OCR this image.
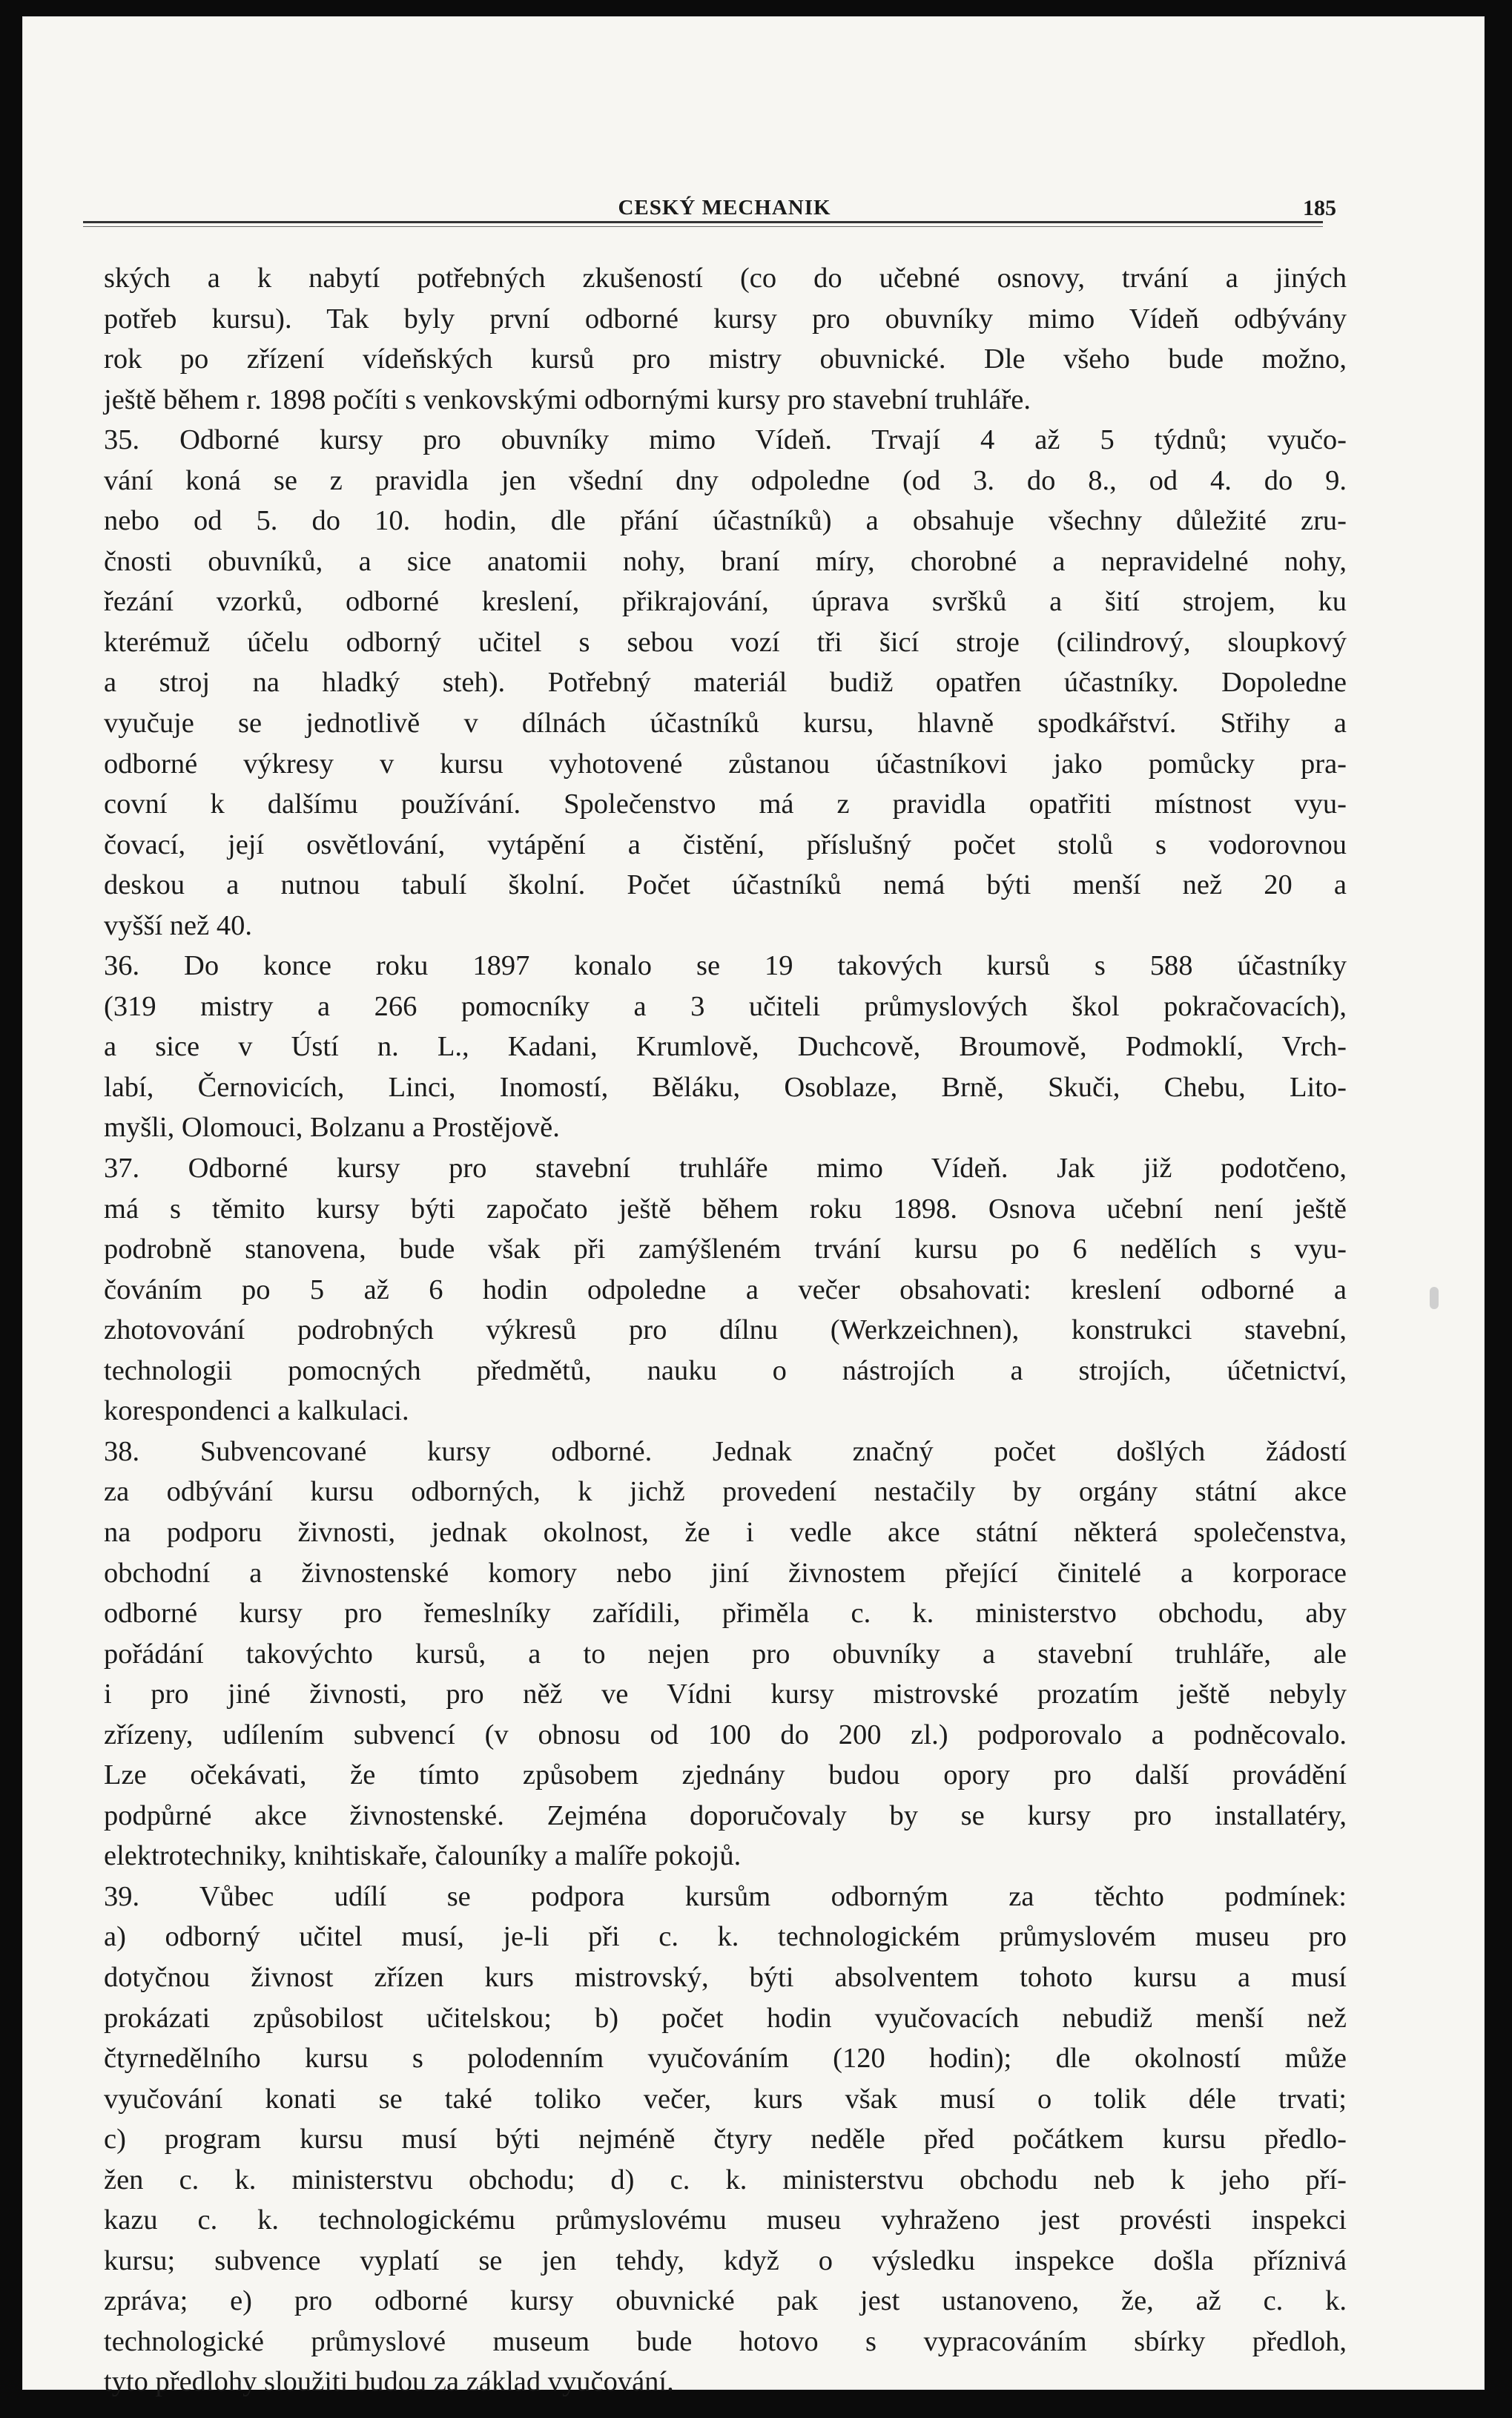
CESKÝ MECHANIK	185
ských a k nabytí potřebných zkušeností (co do učebné osnovy, trvání a jiných
potřeb kursu). Tak byly první odborné kursy pro obuvníky mimo Vídeň odbývány
rok po zřízení vídeňských kursů pro mistry obuvnické. Dle všeho bude možno,
ještě během r. 1898 počíti s venkovskými odbornými kursy pro stavební truhláře.
35. Odborné kursy pro obuvníky mimo Vídeň. Trvají 4 až 5 týdnů; vyučo-
vání koná se z pravidla jen všední dny odpoledne (od 3. do 8., od 4. do 9.
nebo od 5. do 10. hodin, dle přání účastníků) a obsahuje všechny důležité zru-
čnosti obuvníků, a sice anatomii nohy, braní míry, chorobné a nepravidelné nohy,
řezání vzorků, odborné kreslení, přikrajování, úprava svršků a šití strojem, ku
kterémuž účelu odborný učitel s sebou vozí tři šicí stroje (cilindrový, sloupkový
a stroj na hladký steh). Potřebný materiál budiž opatřen účastníky. Dopoledne
vyučuje se jednotlivě v dílnách účastníků kursu, hlavně spodkářství. Střihy a
odborné výkresy v kursu vyhotovené zůstanou účastníkovi jako pomůcky pra-
covní k dalšímu používání. Společenstvo má z pravidla opatřiti místnost vyu-
čovací, její osvětlování, vytápění a čistění, příslušný počet stolů s vodorovnou
deskou a nutnou tabulí školní. Počet účastníků nemá býti menší než 20 a
vyšší než 40.
36. Do konce roku 1897 konalo se 19 takových kursů s 588 účastníky
(319 mistry a 266 pomocníky a 3 učiteli průmyslových škol pokračovacích),
a sice v Ústí n. L., Kadani, Krumlově, Duchcově, Broumově, Podmoklí, Vrch-
labí, Černovicích, Linci, Inomostí, Běláku, Osoblaze, Brně, Skuči, Chebu, Lito-
myšli, Olomouci, Bolzanu a Prostějově.
37. Odborné kursy pro stavební truhláře mimo Vídeň. Jak již podotčeno,
má s těmito kursy býti započato ještě během roku 1898. Osnova učební není ještě
podrobně stanovena, bude však při zamýšleném trvání kursu po 6 nedělích s vyu-
čováním po 5 až 6 hodin odpoledne a večer obsahovati: kreslení odborné a
zhotovování podrobných výkresů pro dílnu (Werkzeichnen), konstrukci stavební,
technologii pomocných předmětů, nauku o nástrojích a strojích, účetnictví,
korespondenci a kalkulaci.
38. Subvencované kursy odborné. Jednak značný počet došlých žádostí
za odbývání kursu odborných, k jichž provedení nestačily by orgány státní akce
na podporu živnosti, jednak okolnost, že i vedle akce státní některá společenstva,
obchodní a živnostenské komory nebo jiní živnostem přející činitelé a korporace
odborné kursy pro řemeslníky zařídili, přiměla c. k. ministerstvo obchodu, aby
pořádání takovýchto kursů, a to nejen pro obuvníky a stavební truhláře, ale
i pro jiné živnosti, pro něž ve Vídni kursy mistrovské prozatím ještě nebyly
zřízeny, udílením subvencí (v obnosu od 100 do 200 zl.) podporovalo a podněcovalo.
Lze očekávati, že tímto způsobem zjednány budou opory pro další provádění
podpůrné akce živnostenské. Zejména doporučovaly by se kursy pro installatéry,
elektrotechniky, knihtiskaře, čalouníky a malíře pokojů.
39. Vůbec udílí se podpora kursům odborným za těchto podmínek:
a) odborný učitel musí, je-li při c. k. technologickém průmyslovém museu pro
dotyčnou živnost zřízen kurs mistrovský, býti absolventem tohoto kursu a musí
prokázati způsobilost učitelskou; b) počet hodin vyučovacích nebudiž menší než
čtyrnedělního kursu s polodenním vyučováním (120 hodin); dle okolností může
vyučování konati se také toliko večer, kurs však musí o tolik déle trvati;
c) program kursu musí býti nejméně čtyry neděle před počátkem kursu předlo-
žen c. k. ministerstvu obchodu; d) c. k. ministerstvu obchodu neb k jeho pří-
kazu c. k. technologickému průmyslovému museu vyhraženo jest provésti inspekci
kursu; subvence vyplatí se jen tehdy, když o výsledku inspekce došla příznivá
zpráva; e) pro odborné kursy obuvnické pak jest ustanoveno, že, až c. k.
technologické průmyslové museum bude hotovo s vypracováním sbírky předloh,
tyto předlohy sloužiti budou za základ vyučování.
